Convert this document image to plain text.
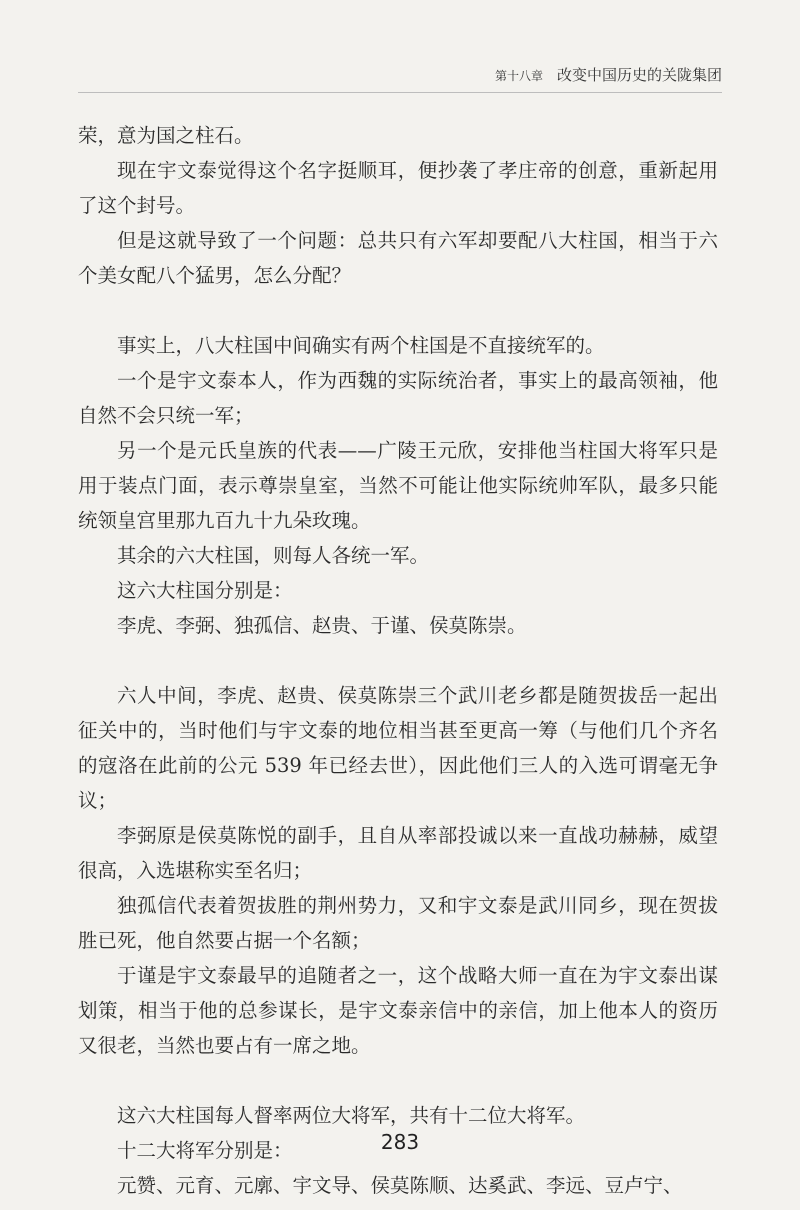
第十八章 改变中国历史的关陇集团

荣，意为国之柱石。

现在宇文泰觉得这个名字挺顺耳，便抄袭了孝庄帝的创意，重新起用了这个封号。

但是这就导致了一个问题：总共只有六军却要配八大柱国，相当于六个美女配八个猛男，怎么分配？

事实上，八大柱国中间确实有两个柱国是不直接统军的。

一个是宇文泰本人，作为西魏的实际统治者，事实上的最高领袖，他自然不会只统一军；

另一个是元氏皇族的代表——广陵王元欣，安排他当柱国大将军只是用于装点门面，表示尊崇皇室，当然不可能让他实际统帅军队，最多只能统领皇宫里那九百九十九朵玫瑰。

其余的六大柱国，则每人各统一军。

这六大柱国分别是：

李虎、李弼、独孤信、赵贵、于谨、侯莫陈崇。

六人中间，李虎、赵贵、侯莫陈崇三个武川老乡都是随贺拔岳一起出征关中的，当时他们与宇文泰的地位相当甚至更高一筹（与他们几个齐名的寇洛在此前的公元 539 年已经去世），因此他们三人的入选可谓毫无争议；

李弼原是侯莫陈悦的副手，且自从率部投诚以来一直战功赫赫，威望很高，入选堪称实至名归；

独孤信代表着贺拔胜的荆州势力，又和宇文泰是武川同乡，现在贺拔胜已死，他自然要占据一个名额；

于谨是宇文泰最早的追随者之一，这个战略大师一直在为宇文泰出谋划策，相当于他的总参谋长，是宇文泰亲信中的亲信，加上他本人的资历又很老，当然也要占有一席之地。

这六大柱国每人督率两位大将军，共有十二位大将军。

十二大将军分别是：

元赞、元育、元廓、宇文导、侯莫陈顺、达奚武、李远、豆卢宁、

283
